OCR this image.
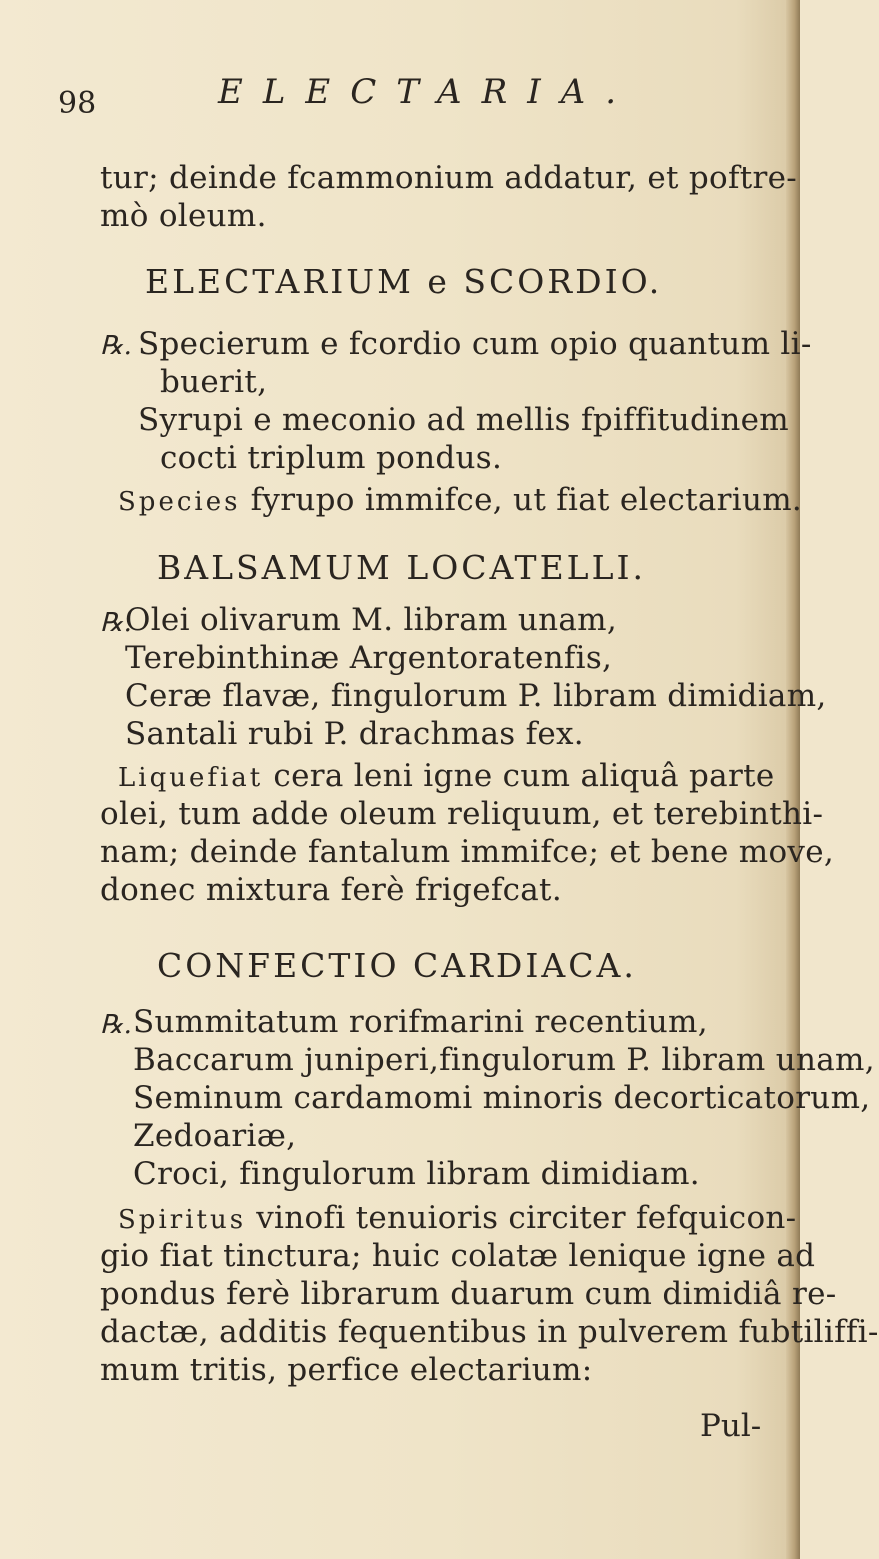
98	ELECTARIA.
tur; deinde fcammonium addatur, et poftre-
mò oleum.
ELECTARIUM e SCORDIO.
℞. Specierum e fcordio cum opio quantum li-
buerit,
Syrupi e meconio ad mellis fpiffitudinem
cocti triplum pondus.
Species fyrupo immifce, ut fiat electarium.
BALSAMUM LOCATELLI.
℞.
Olei olivarum M. libram unam,
Terebinthinæ Argentoratenfis,
Ceræ flavæ, fingulorum P. libram dimidiam,
Santali rubi P. drachmas fex.
Liquefiat cera leni igne cum aliquâ parte
olei, tum adde oleum reliquum, et terebinthi-
nam; deinde fantalum immifce; et bene move,
donec mixtura ferè frigefcat.
CONFECTIO CARDIACA.
℞. Summitatum rorifmarini recentium,
Baccarum juniperi,fingulorum P. libram unam,
Seminum cardamomi minoris decorticatorum,
Zedoariæ,
Croci, fingulorum libram dimidiam.
Spiritus vinofi tenuioris circiter fefquicon-
gio fiat tinctura; huic colatæ lenique igne ad
pondus ferè librarum duarum cum dimidiâ re-
dactæ, additis fequentibus in pulverem fubtiliffi-
mum tritis, perfice electarium:
Pul-
